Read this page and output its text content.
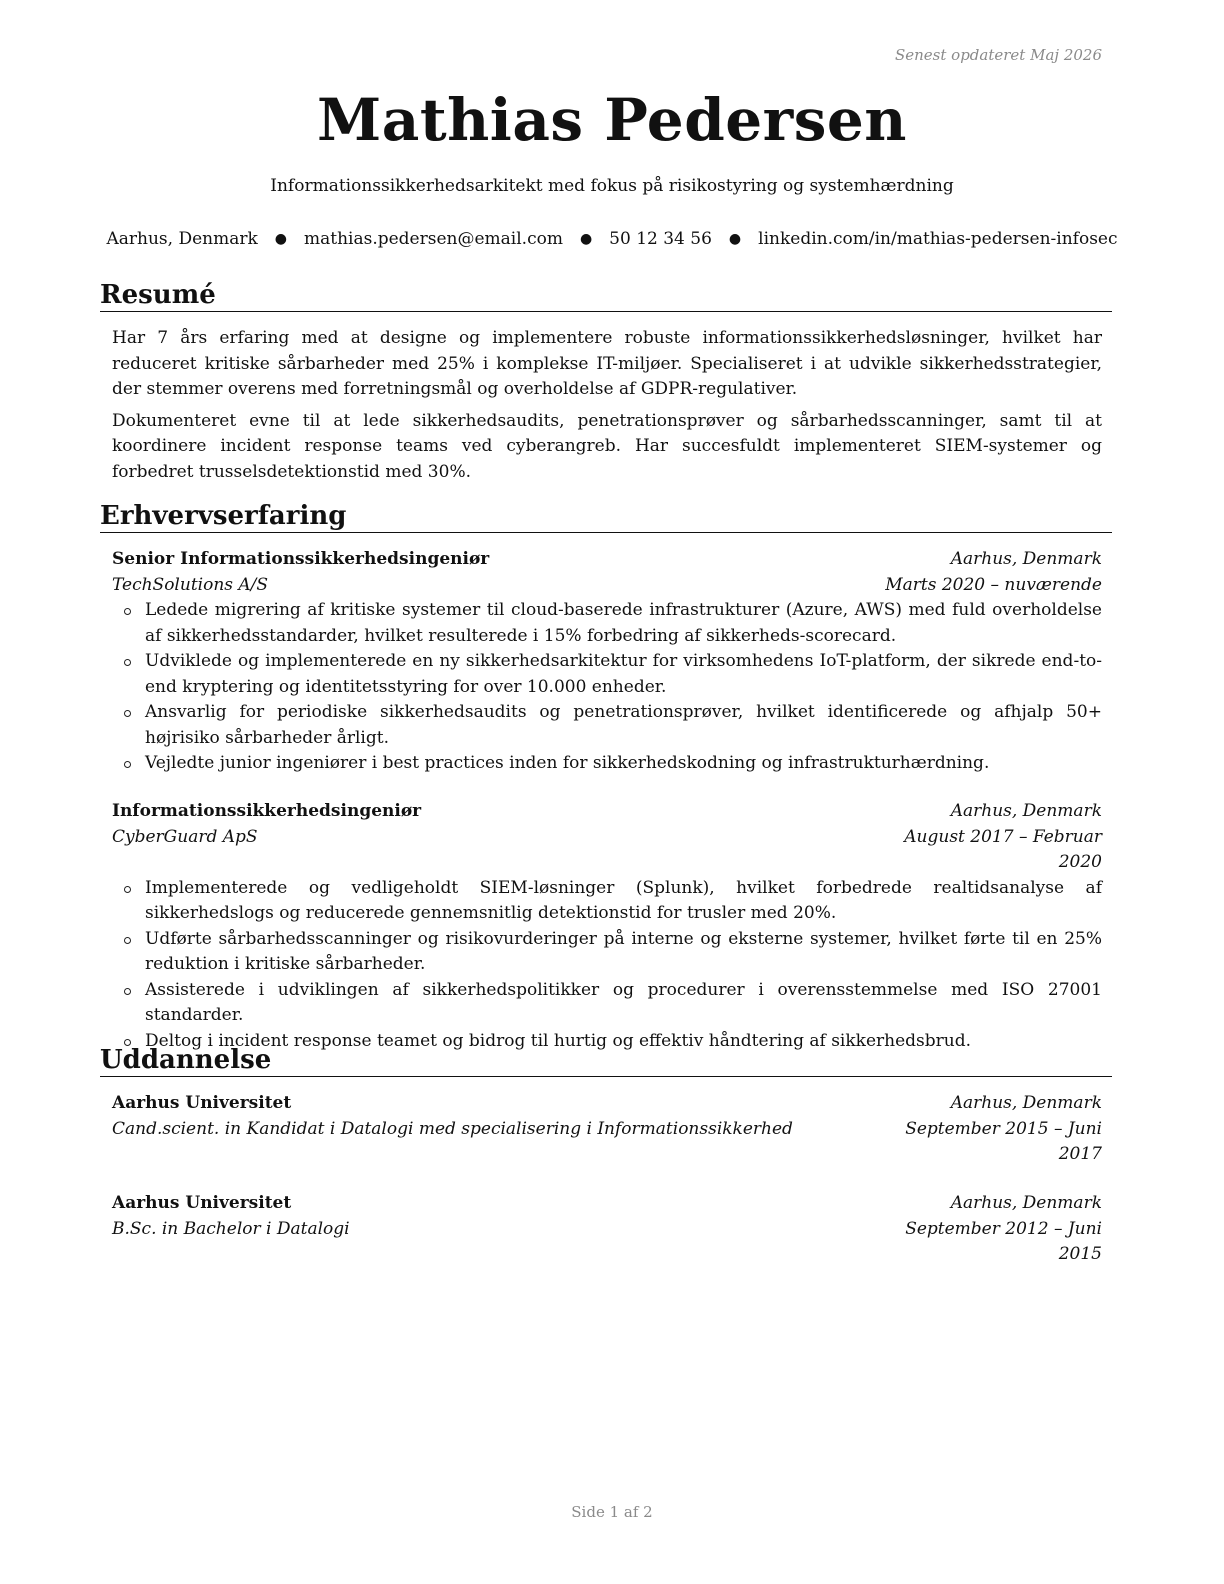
Senest opdateret Maj 2026
Mathias Pedersen
Informationssikkerhedsarkitekt med fokus på risikostyring og systemhærdning
Aarhus, Denmark ● mathias.pedersen@email.com ● 50 12 34 56 ● linkedin.com/in/mathias-pedersen-infosec
Resumé

Har 7 års erfaring med at designe og implementere robuste informationssikkerhedsløsninger, hvilket har reduceret kritiske sårbarheder med 25% i komplekse IT-miljøer. Specialiseret i at udvikle sikkerhedsstrategier, der stemmer overens med forretningsmål og overholdelse af GDPR-regulativer.

Dokumenteret evne til at lede sikkerhedsaudits, penetrationsprøver og sårbarhedsscanninger, samt til at koordinere incident response teams ved cyberangreb. Har succesfuldt implementeret SIEM-systemer og forbedret trusselsdetektionstid med 30%.

Erhvervserfaring
Senior Informationssikkerhedsingeniør	Aarhus, Denmark
TechSolutions A/S	Marts 2020 – nuværende
Ledede migrering af kritiske systemer til cloud-baserede infrastrukturer (Azure, AWS) med fuld overholdelse af sikkerhedsstandarder, hvilket resulterede i 15% forbedring af sikkerheds-scorecard.
Udviklede og implementerede en ny sikkerhedsarkitektur for virksomhedens IoT-platform, der sikrede end-to-end kryptering og identitetsstyring for over 10.000 enheder.
Ansvarlig for periodiske sikkerhedsaudits og penetrationsprøver, hvilket identificerede og afhjalp 50+ højrisiko sårbarheder årligt.
Vejledte junior ingeniører i best practices inden for sikkerhedskodning og infrastrukturhærdning.
Informationssikkerhedsingeniør	Aarhus, Denmark
CyberGuard ApS	August 2017 – Februar 2020
Implementerede og vedligeholdt SIEM-løsninger (Splunk), hvilket forbedrede realtidsanalyse af sikkerhedslogs og reducerede gennemsnitlig detektionstid for trusler med 20%.
Udførte sårbarhedsscanninger og risikovurderinger på interne og eksterne systemer, hvilket førte til en 25% reduktion i kritiske sårbarheder.
Assisterede i udviklingen af sikkerhedspolitikker og procedurer i overensstemmelse med ISO 27001 standarder.
Deltog i incident response teamet og bidrog til hurtig og effektiv håndtering af sikkerhedsbrud.
Uddannelse
Aarhus Universitet	Aarhus, Denmark
Cand.scient. in Kandidat i Datalogi med specialisering i Informationssikkerhed	September 2015 – Juni 2017
Aarhus Universitet	Aarhus, Denmark
B.Sc. in Bachelor i Datalogi	September 2012 – Juni 2015
Side 1 af 2
